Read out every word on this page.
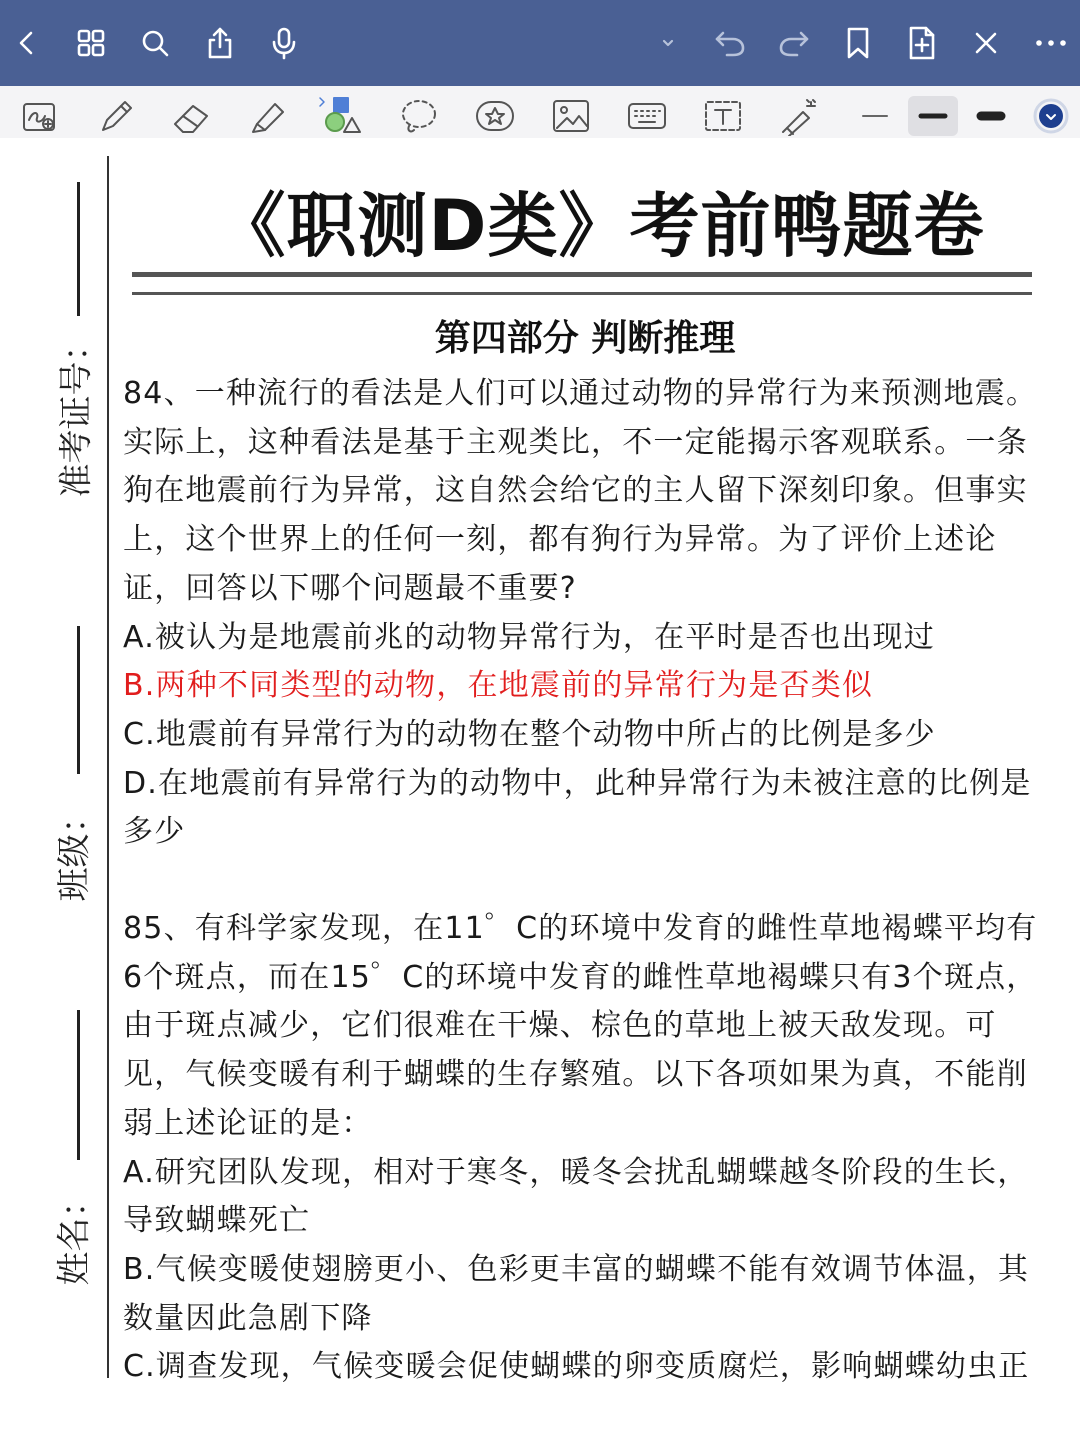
准考证号：
班级：
姓名：
《职测D类》考前鸭题卷
第四部分 判断推理
84、一种流行的看法是人们可以通过动物的异常行为来预测地震。
实际上，这种看法是基于主观类比，不一定能揭示客观联系。一条
狗在地震前行为异常，这自然会给它的主人留下深刻印象。但事实
上，这个世界上的任何一刻，都有狗行为异常。为了评价上述论
证，回答以下哪个问题最不重要?
A.被认为是地震前兆的动物异常行为，在平时是否也出现过
B.两种不同类型的动物，在地震前的异常行为是否类似
C.地震前有异常行为的动物在整个动物中所占的比例是多少
D.在地震前有异常行为的动物中，此种异常行为未被注意的比例是
多少
85、有科学家发现，在11゜C的环境中发育的雌性草地褐蝶平均有
6个斑点，而在15゜C的环境中发育的雌性草地褐蝶只有3个斑点，
由于斑点减少，它们很难在干燥、棕色的草地上被天敌发现。可
见，气候变暖有利于蝴蝶的生存繁殖。以下各项如果为真，不能削
弱上述论证的是：
A.研究团队发现，相对于寒冬，暖冬会扰乱蝴蝶越冬阶段的生长，
导致蝴蝶死亡
B.气候变暖使翅膀更小、色彩更丰富的蝴蝶不能有效调节体温，其
数量因此急剧下降
C.调查发现，气候变暖会促使蝴蝶的卵变质腐烂，影响蝴蝶幼虫正
